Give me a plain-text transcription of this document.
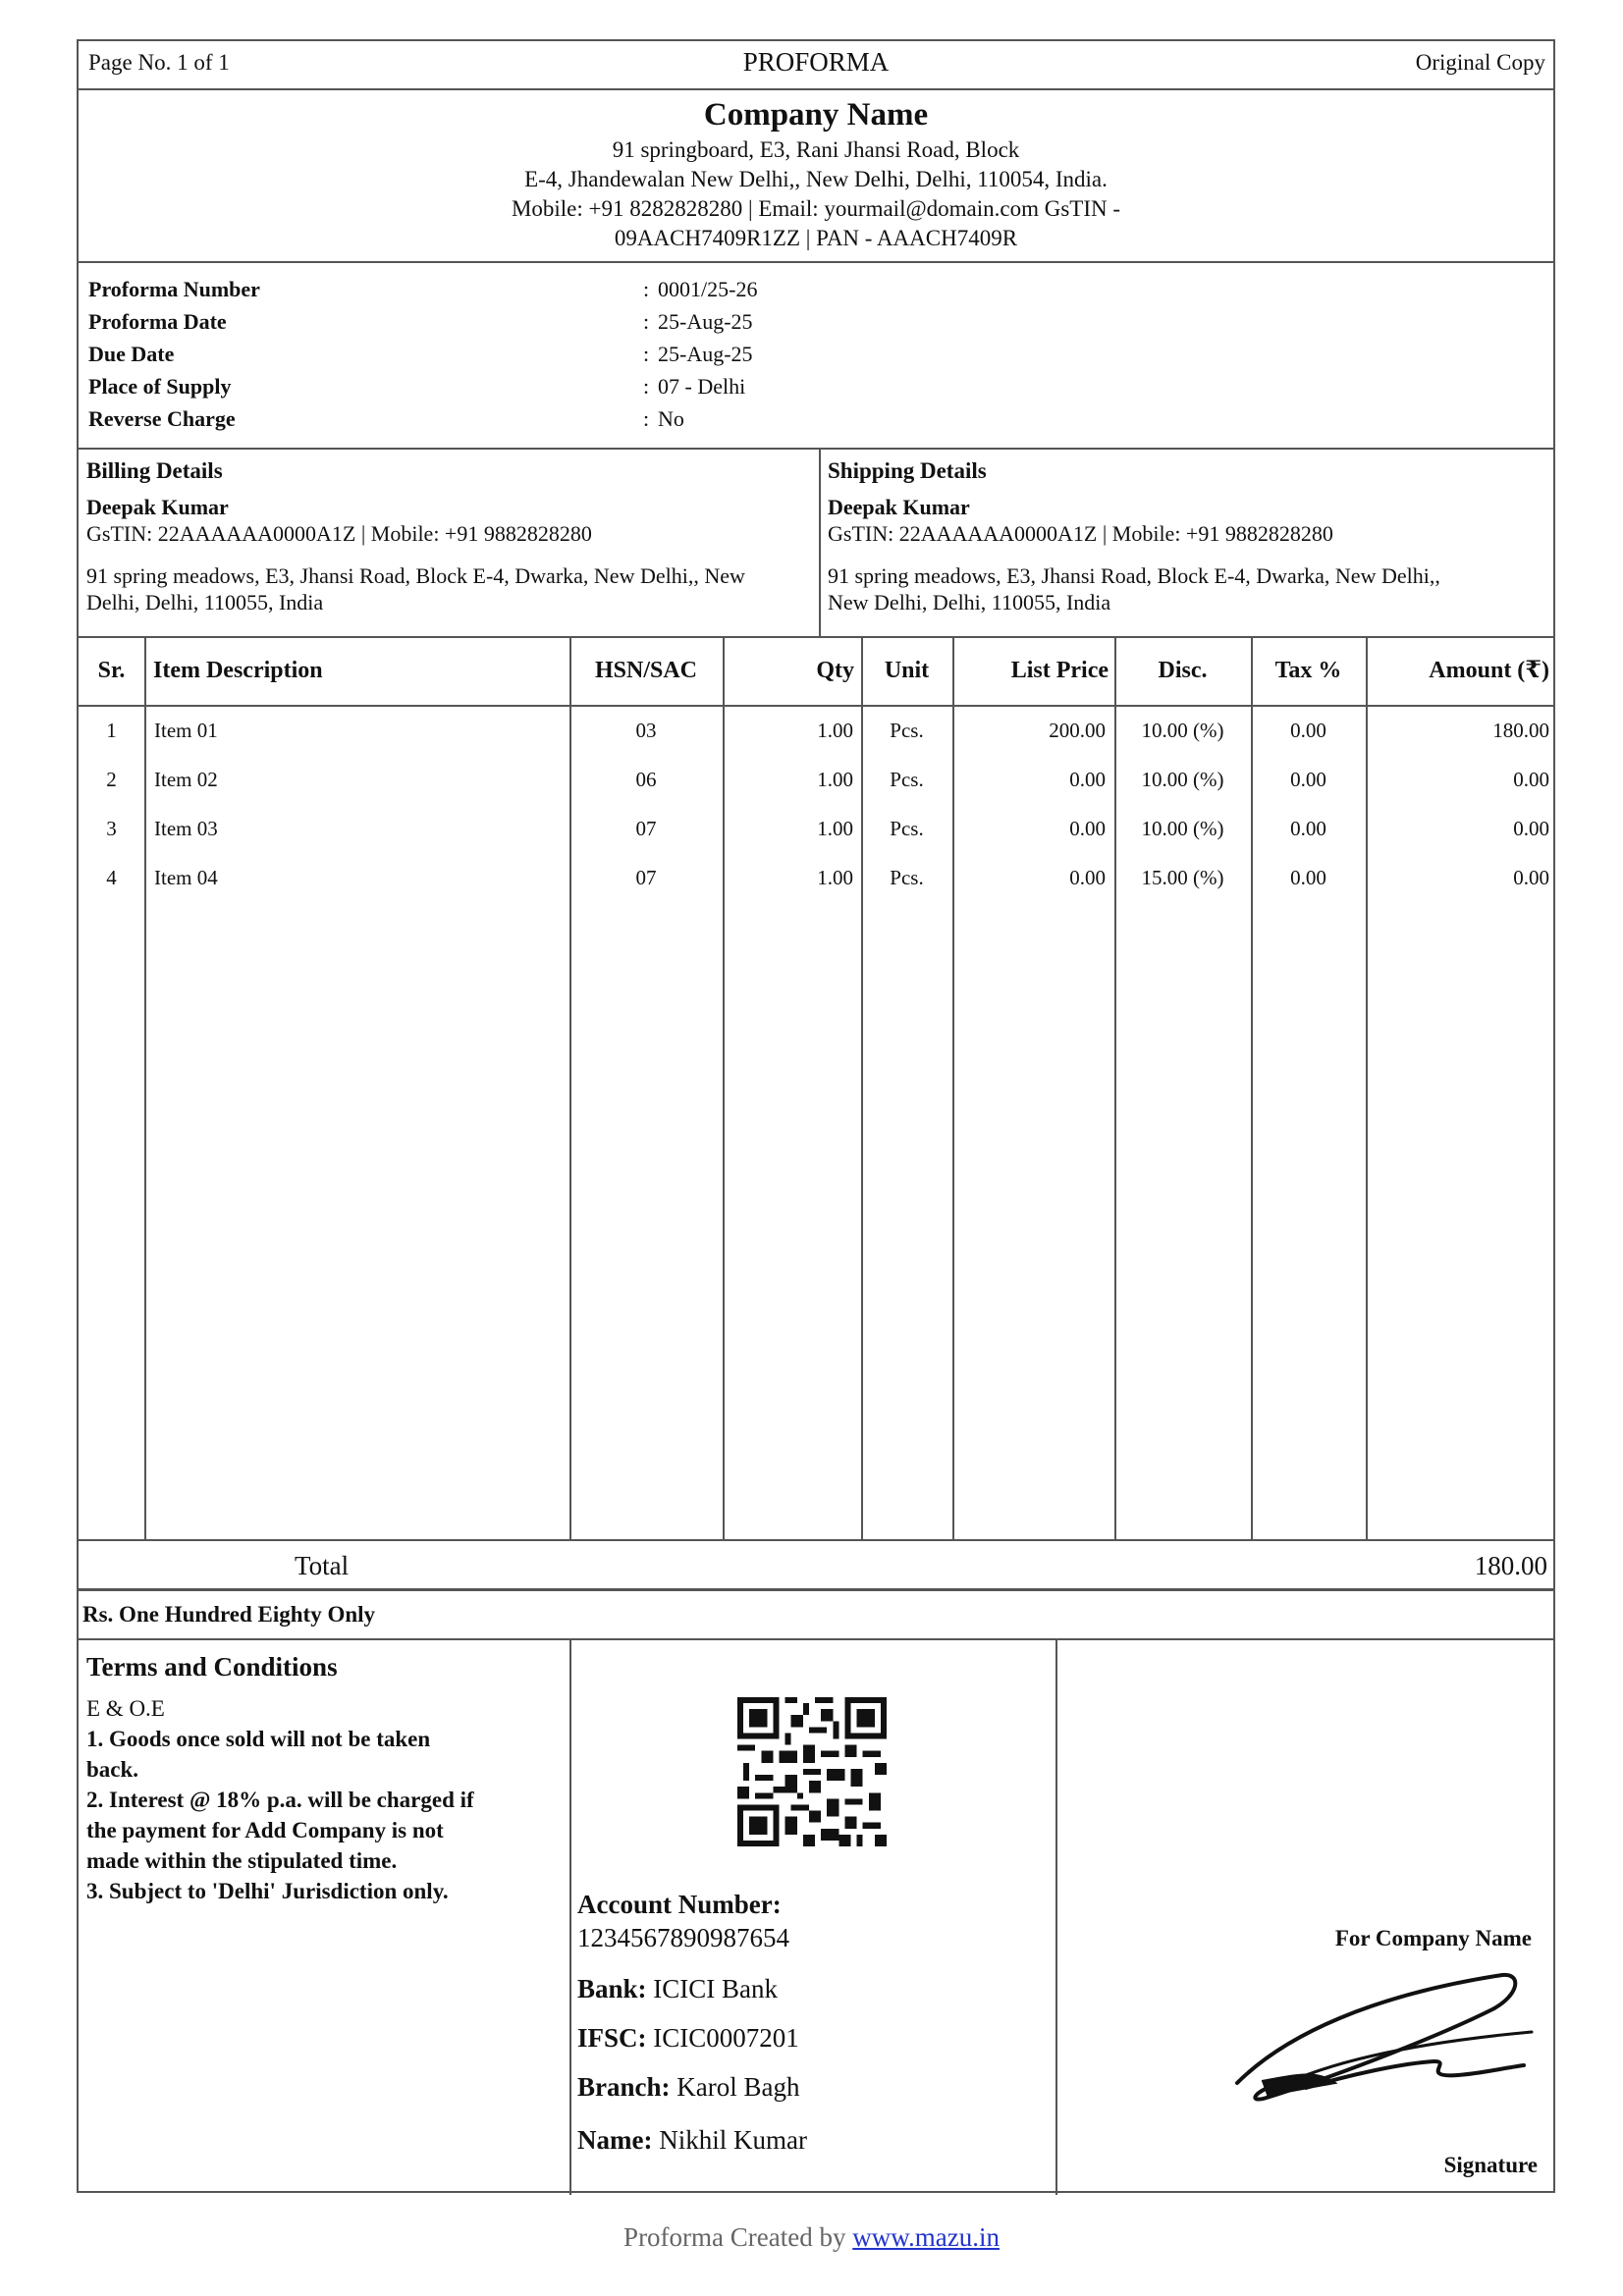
Page No. 1 of 1	PROFORMA	Original Copy
Company Name
91 springboard, E3, Rani Jhansi Road, Block
E-4, Jhandewalan New Delhi,, New Delhi, Delhi, 110054, India.
Mobile: +91 8282828280 | Email: yourmail@domain.com GsTIN -
09AACH7409R1ZZ | PAN - AAACH7409R
Proforma Number	: 0001/25-26
Proforma Date	: 25-Aug-25
Due Date	: 25-Aug-25
Place of Supply	: 07 - Delhi
Reverse Charge	: No
Billing Details
Deepak Kumar
GsTIN: 22AAAAAA0000A1Z | Mobile: +91 9882828280
91 spring meadows, E3, Jhansi Road, Block E-4, Dwarka, New Delhi,, New
Delhi, Delhi, 110055, India
Shipping Details
Deepak Kumar
GsTIN: 22AAAAAA0000A1Z | Mobile: +91 9882828280
91 spring meadows, E3, Jhansi Road, Block E-4, Dwarka, New Delhi,,
New Delhi, Delhi, 110055, India
Sr.	Item Description	HSN/SAC	Qty	Unit	List Price	Disc.	Tax %	Amount (₹)
1	Item 01	03	1.00	Pcs.	200.00	10.00 (%)	0.00	180.00
2	Item 02	06	1.00	Pcs.	0.00	10.00 (%)	0.00	0.00
3	Item 03	07	1.00	Pcs.	0.00	10.00 (%)	0.00	0.00
4	Item 04	07	1.00	Pcs.	0.00	15.00 (%)	0.00	0.00
Total	180.00
Rs. One Hundred Eighty Only
Terms and Conditions
E & O.E
1. Goods once sold will not be taken
back.
2. Interest @ 18% p.a. will be charged if
the payment for Add Company is not
made within the stipulated time.
3. Subject to 'Delhi' Jurisdiction only.	Account Number:
1234567890987654
Bank: ICICI Bank
IFSC: ICIC0007201
Branch: Karol Bagh
Name: Nikhil Kumar
For Company Name
Signature
Proforma Created by www.mazu.in
